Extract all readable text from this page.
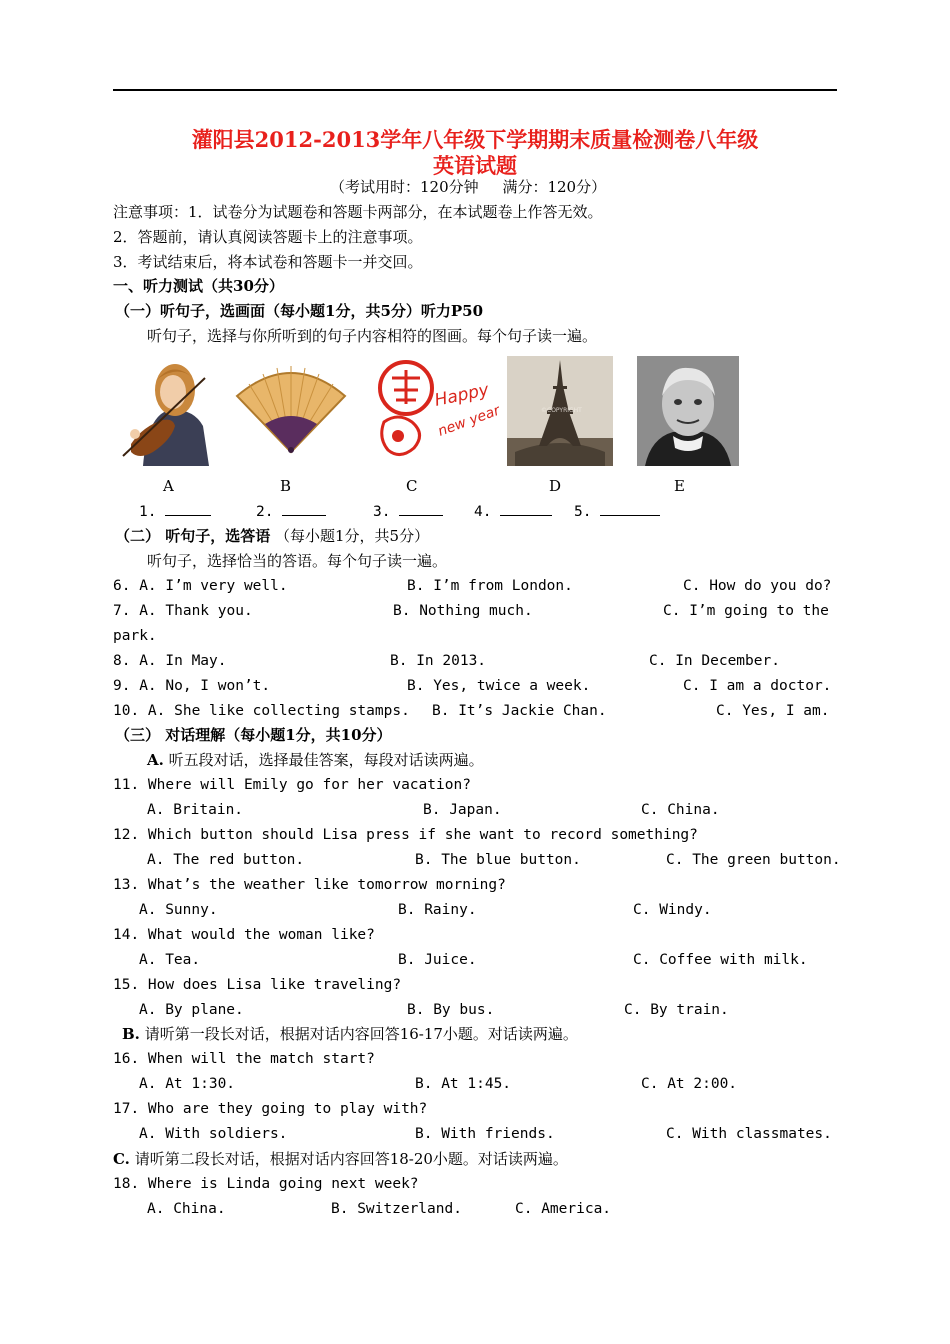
灌阳县2012-2013学年八年级下学期期末质量检测卷八年级
英语试题
（考试用时：120分钟     满分：120分）
注意事项：1．试卷分为试题卷和答题卡两部分，在本试题卷上作答无效。
2．答题前，请认真阅读答题卡上的注意事项。
3．考试结束后，将本试卷和答题卡一并交回。
一、听力测试（共30分）
（一）听句子，选画面（每小题1分，共5分）听力P50
听句子，选择与你所听到的句子内容相符的图画。每个句子读一遍。
Happy
new year	©COPYRIGHT
A	B	C	D	E
1.	2.	3.	4.	5.
（二） 听句子，选答语 （每小题1分，共5分）
听句子，选择恰当的答语。每个句子读一遍。
6. A. I’m very well.	B. I’m from London.	C. How do you do?
7. A. Thank you.	B. Nothing much.	C. I’m going to the
park.
8. A. In May.	B. In 2013.	C. In December.
9. A. No, I won’t.	B. Yes, twice a week.	C. I am a doctor.
10. A. She like collecting stamps. B. It’s Jackie Chan.	C. Yes, I am.
（三） 对话理解（每小题1分，共10分）
A. 听五段对话，选择最佳答案，每段对话读两遍。
11. Where will Emily go for her vacation?
A. Britain.	B. Japan.	C. China.
12. Which button should Lisa press if she want to record something?
A. The red button.	B. The blue button.	C. The green button.
13. What’s the weather like tomorrow morning?
A. Sunny.	B. Rainy.	C. Windy.
14. What would the woman like?
A. Tea.	B. Juice.	C. Coffee with milk.
15. How does Lisa like traveling?
A. By plane.	B. By bus.	C. By train.
B. 请听第一段长对话，根据对话内容回答16-17小题。对话读两遍。
16. When will the match start?
A. At 1:30.	B. At 1:45.	C. At 2:00.
17. Who are they going to play with?
A. With soldiers.	B. With friends.	C. With classmates.
C. 请听第二段长对话，根据对话内容回答18-20小题。对话读两遍。
18. Where is Linda going next week?
A. China.	B. Switzerland.	C. America.
